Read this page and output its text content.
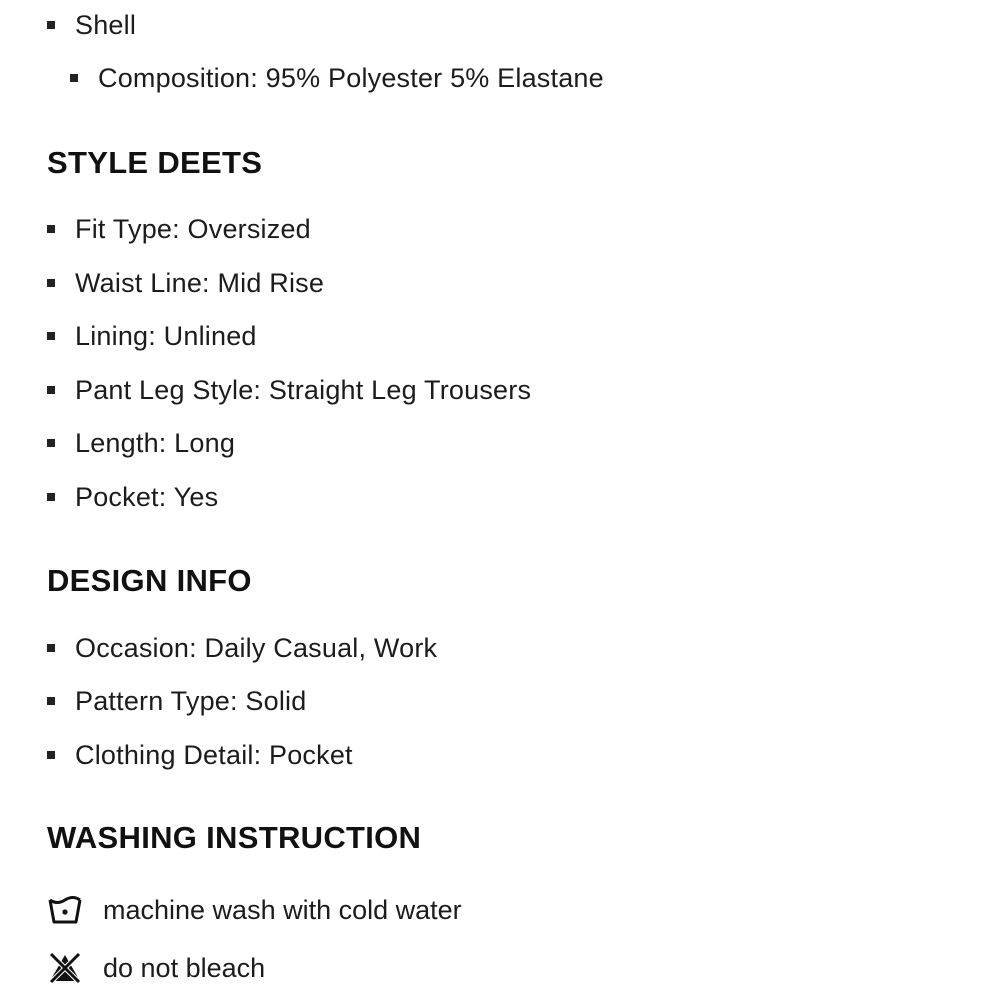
Shell
Composition: 95% Polyester 5% Elastane
STYLE DEETS
Fit Type: Oversized
Waist Line: Mid Rise
Lining: Unlined
Pant Leg Style: Straight Leg Trousers
Length: Long
Pocket: Yes
DESIGN INFO
Occasion: Daily Casual, Work
Pattern Type: Solid
Clothing Detail: Pocket
WASHING INSTRUCTION
machine wash with cold water
do not bleach
